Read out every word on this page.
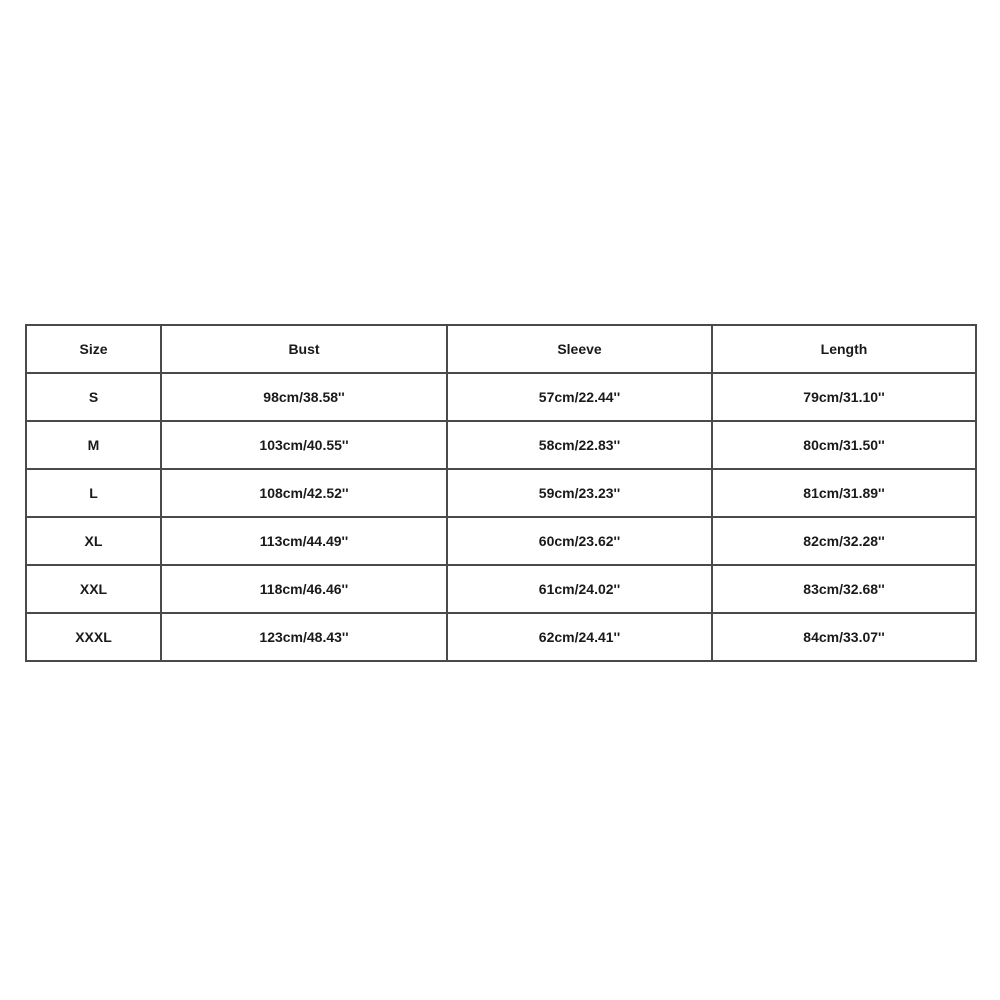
Size	Bust	Sleeve	Length
S	98cm/38.58''	57cm/22.44''	79cm/31.10''
M	103cm/40.55''	58cm/22.83''	80cm/31.50''
L	108cm/42.52''	59cm/23.23''	81cm/31.89''
XL	113cm/44.49''	60cm/23.62''	82cm/32.28''
XXL	118cm/46.46''	61cm/24.02''	83cm/32.68''
XXXL	123cm/48.43''	62cm/24.41''	84cm/33.07''
